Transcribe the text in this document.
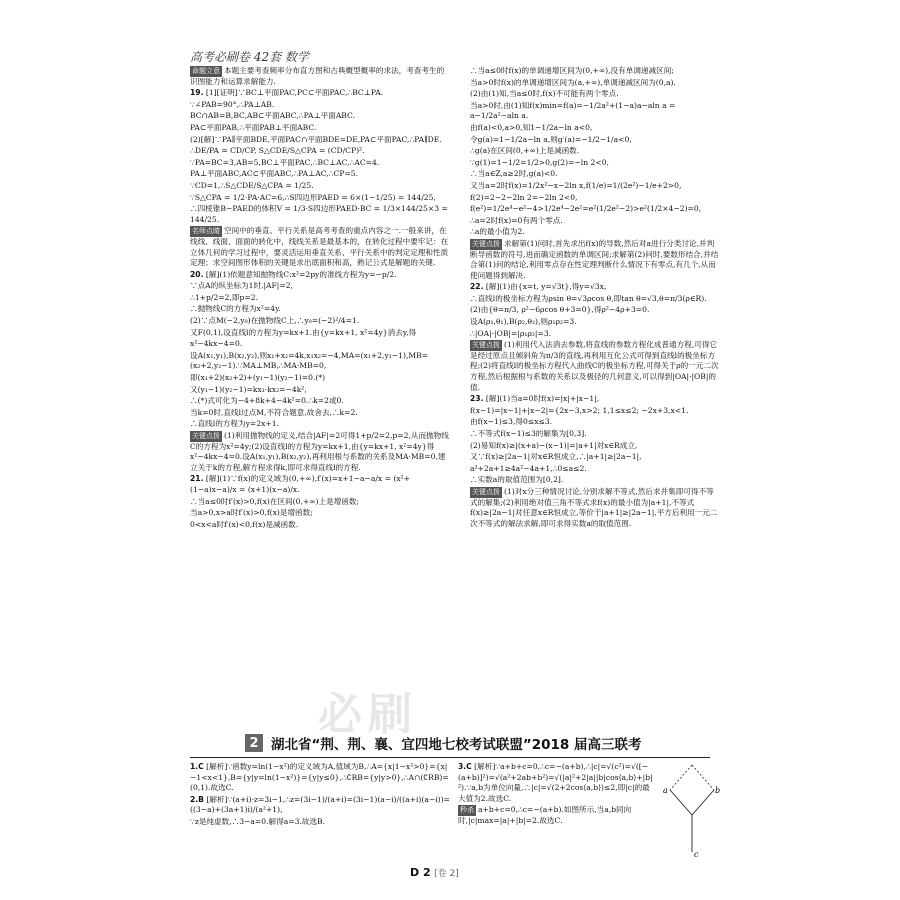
高考必刷卷 42套 数学
必刷

命题立意 本题主要考查频率分布直方图和古典概型概率的求法，考查考生的识图能力和运算求解能力.

19. [1][证明]∵BC⊥平面PAC,PC⊂平面PAC,∴BC⊥PA.

∵∠PAB=90°,∴PA⊥AB.

BC∩AB=B,BC,AB⊂平面ABC,∴PA⊥平面ABC.

PA⊂平面PAB,∴平面PAB⊥平面ABC.

(2)[解]∵PA∥平面BDE,平面PAC∩平面BDE=DE,PA⊂平面PAC,∴PA∥DE.

∴DE/PA = CD/CP, S△CDE/S△CPA = (CD/CP)².

∵PA=BC=3,AB=5,BC⊥平面PAC,∴BC⊥AC,∴AC=4.

PA⊥平面ABC,AC⊂平面ABC,∴PA⊥AC,∴CP=5.

∵CD=1,∴S△CDE/S△CPA = 1/25.

∵S△CPA = 1/2·PA·AC=6,∴S四边形PAED = 6×(1−1/25) = 144/25,

∴四棱锥B−PAED的体积V = 1/3·S四边形PAED·BC = 1/3×144/25×3 = 144/25.

名师点睛 空间中的垂直、平行关系是高考考查的重点内容之一.一般来讲，在线线、线面、面面的转化中，线线关系是最基本的，在转化过程中要牢记：在立体几何的学习过程中，要灵活运用垂直关系、平行关系中的判定定理和性质定理；求空间图形体积的关键是求出底面积和高，熟记公式是解题的关键.

20. [解](1)依题意知抛物线C:x²=2py的准线方程为y=−p/2.

∵点A的纵坐标为1时,|AF|=2,

∴1+p/2=2,即p=2.

∴抛物线C的方程为x²=4y.

(2)∵点M(−2,y₀)在抛物线C上,∴y₀=(−2)²/4=1.

又F(0,1),设直线l的方程为y=kx+1.由{y=kx+1, x²=4y}消去y,得

x²−4kx−4=0.

设A(x₁,y₁),B(x₂,y₂),则x₁+x₂=4k,x₁x₂=−4,MA=(x₁+2,y₁−1),MB=(x₂+2,y₂−1).∵MA⊥MB,∴MA·MB=0,

即(x₁+2)(x₂+2)+(y₁−1)(y₂−1)=0.(*)

又(y₁−1)(y₂−1)=kx₁·kx₂=−4k²,

∴(*)式可化为−4+8k+4−4k²=0.∴k=2或0.

当k=0时,直线l过点M,不符合题意,故舍去,∴k=2.

∴直线l的方程为y=2x+1.

关键点拨 (1)利用抛物线的定义,结合|AF|=2可得1+p/2=2,p=2,从而抛物线C的方程为x²=4y;(2)设直线l的方程为y=kx+1,由{y=kx+1, x²=4y}得x²−4kx−4=0.设A(x₁,y₁),B(x₂,y₂),再利用根与系数的关系及MA·MB=0,建立关于k的方程,解方程求得k,即可求得直线l的方程.

21. [解](1)∵f(x)的定义域为(0,+∞),f′(x)=x+1−a−a/x = (x²+(1−a)x−a)/x = (x+1)(x−a)/x.

∴当a≤0时f′(x)>0,f(x)在区间(0,+∞)上是增函数;

当a>0,x>a时f′(x)>0,f(x)是增函数;

0<x<a时f′(x)<0,f(x)是减函数.

∴当a≤0时f(x)的单调递增区间为(0,+∞),没有单调递减区间;

当a>0时f(x)的单调递增区间为(a,+∞),单调递减区间为(0,a).

(2)由(1)知,当a≤0时,f(x)不可能有两个零点.

当a>0时,由(1)知f(x)min=f(a)=−1/2a²+(1−a)a−aln a = a−1/2a²−aln a.

由f(a)<0,a>0,知1−1/2a−ln a<0,

令g(a)=1−1/2a−ln a,则g′(a)=−1/2−1/a<0,

∴g(a)在区间(0,+∞)上是减函数.

∵g(1)=1−1/2=1/2>0,g(2)=−ln 2<0,

∴当a∈Z,a≥2时,g(a)<0.

又当a=2时f(x)=1/2x²−x−2ln x,f(1/e)=1/(2e²)−1/e+2>0,

f(2)=2−2−2ln 2=−2ln 2<0,

f(e²)=1/2e⁴−e²−4>1/2e⁴−2e²=e²(1/2e²−2)>e²(1/2×4−2)=0,

∴a=2时f(x)=0有两个零点.

∴a的最小值为2.

关键点拨 求解第(1)问时,首先求出f(x)的导数,然后对a进行分类讨论,并判断导函数的符号,进而确定函数的单调区间;求解第(2)问时,要数形结合,并结合第(1)问的结论,利用零点存在性定理判断什么情况下有零点,有几个,从而使问题得到解决.

22. [解](1)由{x=t, y=√3t},得y=√3x,

∴直线l的极坐标方程为ρsin θ=√3ρcos θ,即tan θ=√3,θ=π/3(ρ∈R).

(2)由{θ=π/3, ρ²−6ρcos θ+3=0},得ρ²−4ρ+3=0.

设A(ρ₁,θ₁),B(ρ₂,θ₂),则ρ₁ρ₂=3.

∴|OA|·|OB|=|ρ₁ρ₂|=3.

关键点拨 (1)利用代入法消去参数,将直线的参数方程化成普通方程,可得它是经过原点且倾斜角为π/3的直线,再利用互化公式可得到直线l的极坐标方程;(2)将直线l的极坐标方程代入曲线C的极坐标方程,可得关于ρ的一元二次方程,然后根据根与系数的关系以及极径的几何意义,可以得到|OA|·|OB|的值.

23. [解](1)当a=0时f(x)=|x|+|x−1|,

f(x−1)=|x−1|+|x−2|={2x−3,x>2; 1,1≤x≤2; −2x+3,x<1.

由f(x−1)≤3,得0≤x≤3.

∴不等式f(x−1)≤3的解集为[0,3].

(2)易知f(x)≥|(x+a)−(x−1)|=|a+1|对x∈R成立,

又∵f(x)≥|2a−1|对x∈R恒成立,∴|a+1|≥|2a−1|,

a²+2a+1≥4a²−4a+1,∴0≤a≤2.

∴实数a的取值范围为[0,2].

关键点拨 (1)对x分三种情况讨论,分别求解不等式,然后求并集即可得不等式的解集;(2)利用绝对值三角不等式求f(x)的最小值为|a+1|,不等式f(x)≥|2a−1|对任意x∈R恒成立,等价于|a+1|≥|2a−1|,平方后利用一元二次不等式的解法求解,即可求得实数a的取值范围.

2 湖北省“荆、荆、襄、宜四地七校考试联盟”2018 届高三联考

1.C [解析]∵函数y=ln(1−x²)的定义域为A,值域为B,∴A={x|1−x²>0}={x|−1<x<1},B={y|y=ln(1−x²)}={y|y≤0},∴∁RB={y|y>0},∴A∩(∁RB)=(0,1).故选C.

2.B [解析]∵(a+i)·z=3i−1,∴z=(3i−1)/(a+i)=(3i−1)(a−i)/((a+i)(a−i))=((3−a)+(3a+1)i)/(a²+1),

∵z是纯虚数,∴3−a=0.解得a=3.故选B.

3.C [解析]∵a+b+c=0,∴c=−(a+b),∴|c|=√(c²)=√([−(a+b)]²)=√(a²+2ab+b²)=√(|a|²+2|a||b|cos⟨a,b⟩+|b|²).∵a,b为单位向量,∴|c|=√(2+2cos⟨a,b⟩)≤2,即|c|的最大值为2.故选C.

秒杀 a+b+c=0,∴c=−(a+b).如图所示,当a,b同向时,|c|max=|a|+|b|=2.故选C.

a	b
c
D 2 [卷 2]
